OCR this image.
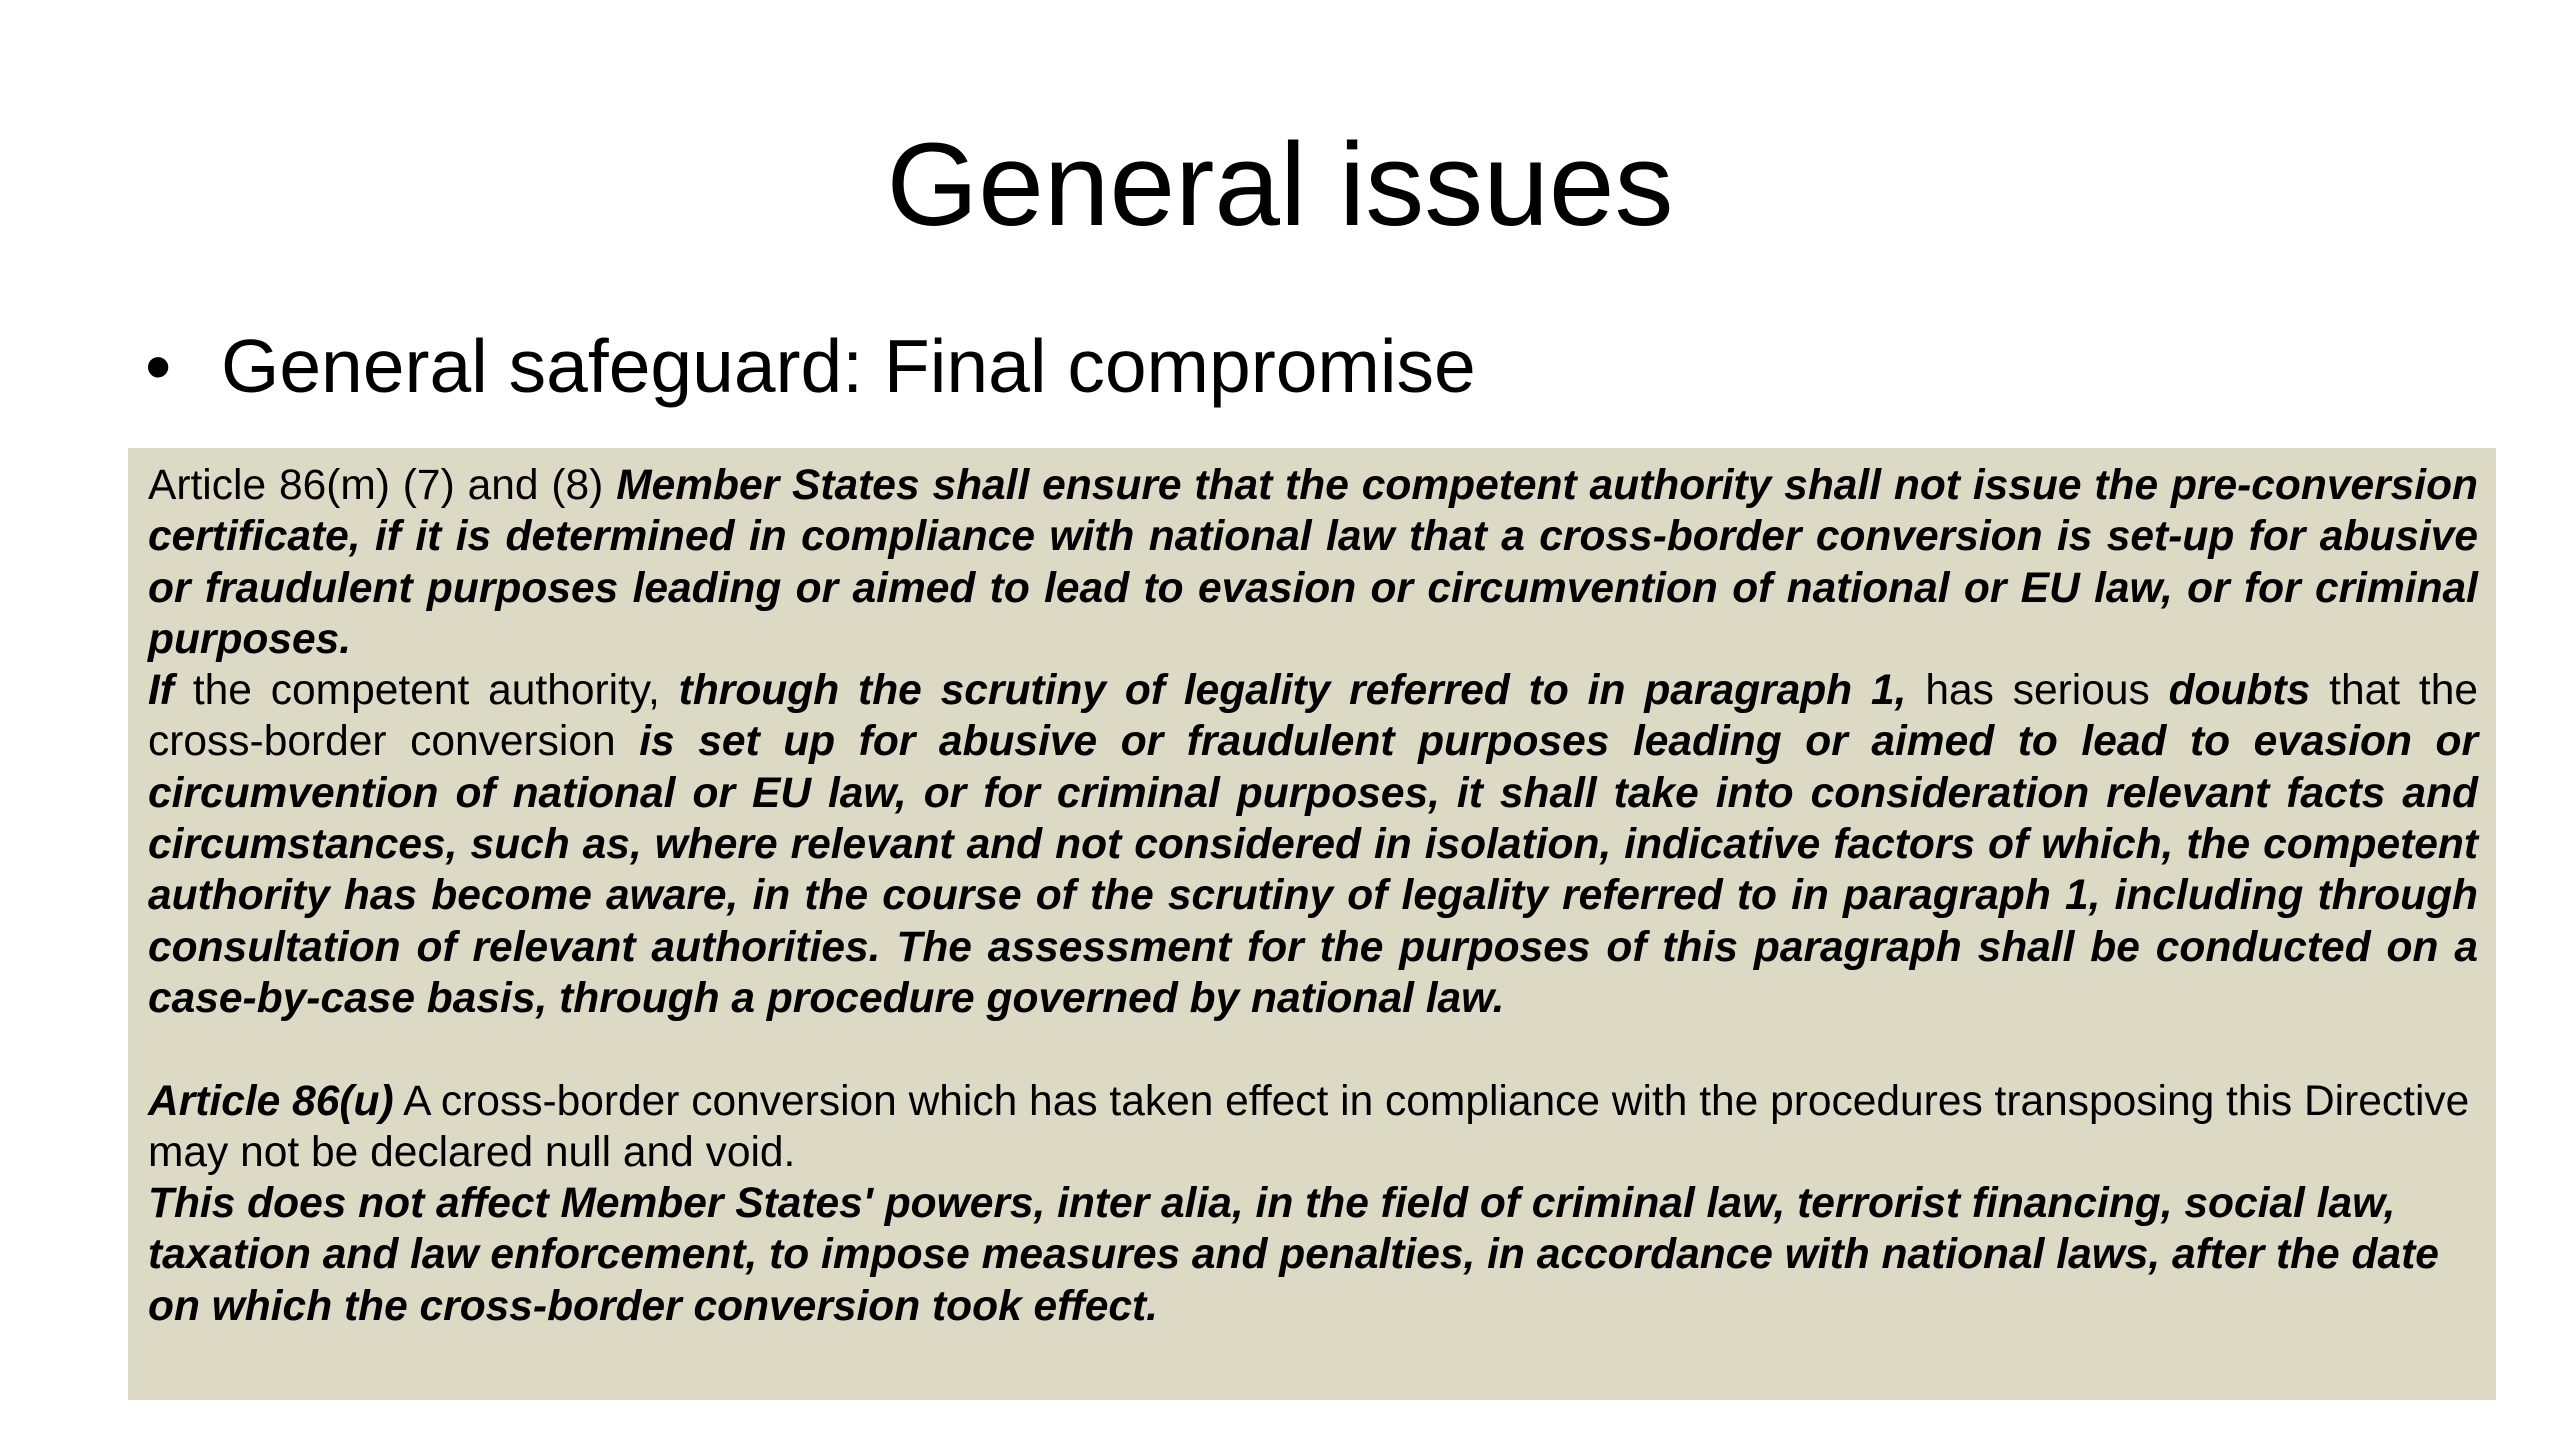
General issues
• General safeguard: Final compromise

Article 86(m) (7) and (8) Member States shall ensure that the competent authority shall not issue the pre-conversion certificate, if it is determined in compliance with national law that a cross-border conversion is set-up for abusive or fraudulent purposes leading or aimed to lead to evasion or circumvention of national or EU law, or for criminal purposes.

If the competent authority, through the scrutiny of legality referred to in paragraph 1, has serious doubts that the cross-border conversion is set up for abusive or fraudulent purposes leading or aimed to lead to evasion or circumvention of national or EU law, or for criminal purposes, it shall take into consideration relevant facts and circumstances, such as, where relevant and not considered in isolation, indicative factors of which, the competent authority has become aware, in the course of the scrutiny of legality referred to in paragraph 1, including through consultation of relevant authorities. The assessment for the purposes of this paragraph shall be conducted on a case-by-case basis, through a procedure governed by national law.

Article 86(u) A cross-border conversion which has taken effect in compliance with the procedures transposing this Directive may not be declared null and void.

This does not affect Member States' powers, inter alia, in the field of criminal law, terrorist financing, social law, taxation and law enforcement, to impose measures and penalties, in accordance with national laws, after the date on which the cross-border conversion took effect.
